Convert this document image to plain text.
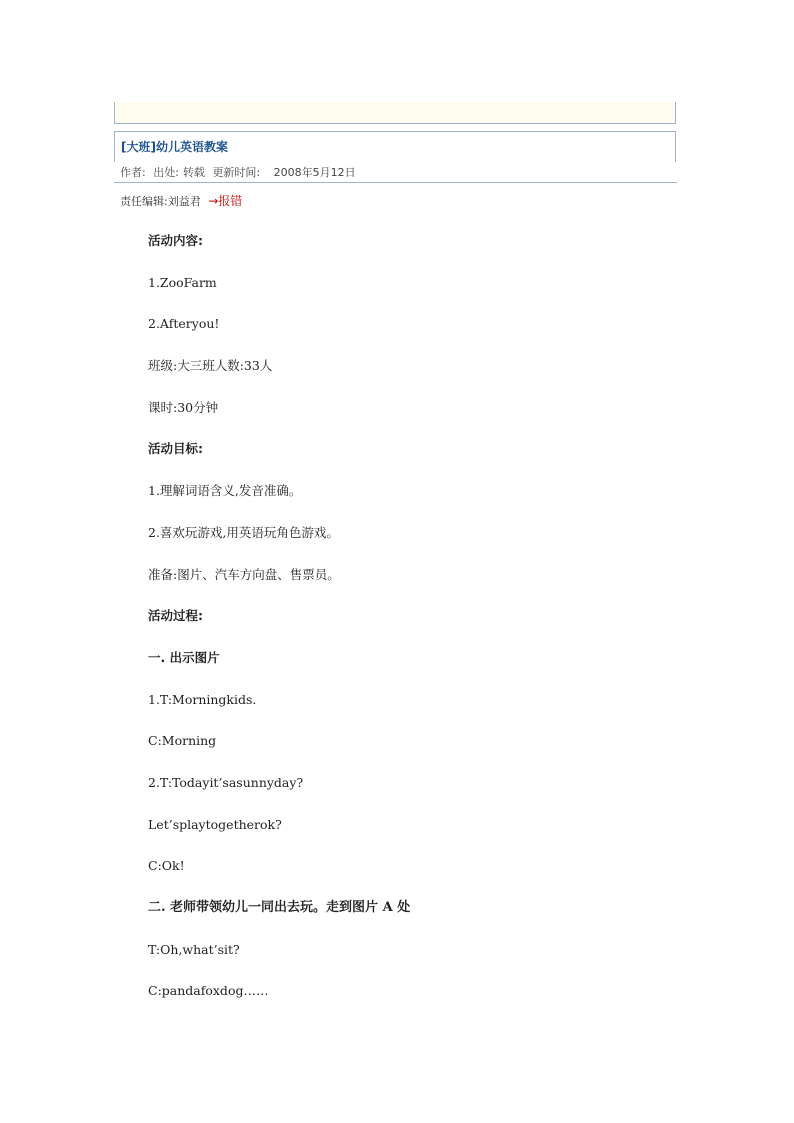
[大班]幼儿英语教案
作者: 出处: 转载 更新时间: 2008年5月12日
责任编辑:刘益君 →报错
活动内容:
1.ZooFarm
2.Afteryou!
班级:大三班人数:33人
课时:30分钟
活动目标:
1.理解词语含义,发音准确。
2.喜欢玩游戏,用英语玩角色游戏。
准备:图片、汽车方向盘、售票员。
活动过程:
一. 出示图片
1.T:Morningkids.
C:Morning
2.T:Todayit’sasunnyday?
Let’splaytogetherok?
C:Ok!
二. 老师带领幼儿一同出去玩。走到图片 A 处
T:Oh,what’sit?
C:pandafoxdog……
